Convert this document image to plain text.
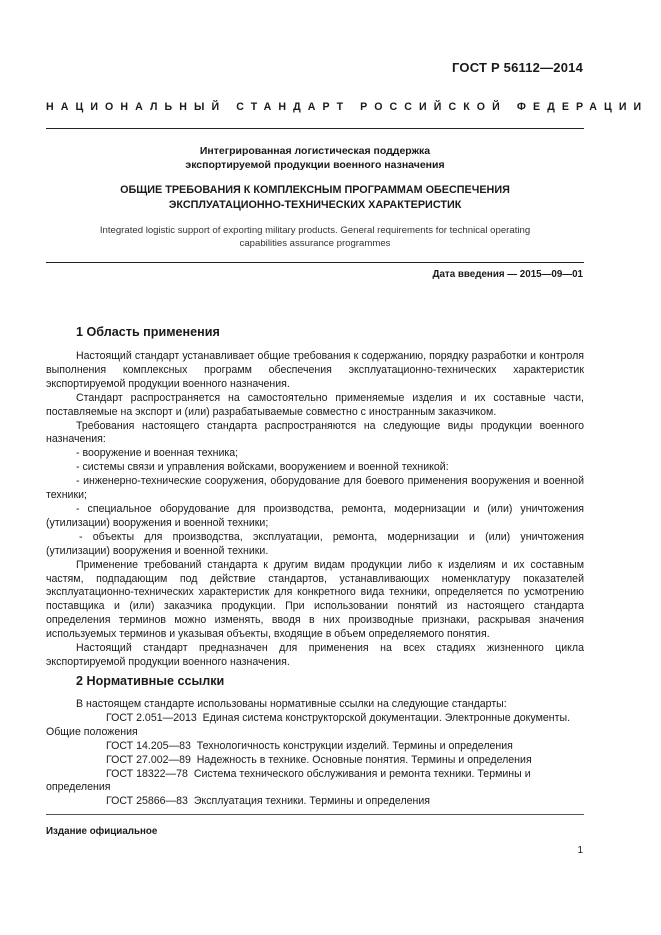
ГОСТ Р 56112—2014
НАЦИОНАЛЬНЫЙ СТАНДАРТ РОССИЙСКОЙ ФЕДЕРАЦИИ
Интегрированная логистическая поддержка
экспортируемой продукции военного назначения
ОБЩИЕ ТРЕБОВАНИЯ К КОМПЛЕКСНЫМ ПРОГРАММАМ ОБЕСПЕЧЕНИЯ
ЭКСПЛУАТАЦИОННО-ТЕХНИЧЕСКИХ ХАРАКТЕРИСТИК
Integrated logistic support of exporting military products. General requirements for technical operating
capabilities assurance programmes
Дата введения — 2015—09—01
1 Область применения

Настоящий стандарт устанавливает общие требования к содержанию, порядку разработки и контроля выполнения комплексных программ обеспечения эксплуатационно-технических характеристик экспортируемой продукции военного назначения.

Стандарт распространяется на самостоятельно применяемые изделия и их составные части, поставляемые на экспорт и (или) разрабатываемые совместно с иностранным заказчиком.

Требования настоящего стандарта распространяются на следующие виды продукции военного назначения:

- вооружение и военная техника;

- системы связи и управления войсками, вооружением и военной техникой:

- инженерно-технические сооружения, оборудование для боевого применения вооружения и военной техники;

- специальное оборудование для производства, ремонта, модернизации и (или) уничтожения (утилизации) вооружения и военной техники;

- объекты для производства, эксплуатации, ремонта, модернизации и (или) уничтожения (утилизации) вооружения и военной техники.

Применение требований стандарта к другим видам продукции либо к изделиям и их составным частям, подпадающим под действие стандартов, устанавливающих номенклатуру показателей эксплуатационно-технических характеристик для конкретного вида техники, определяется по усмотрению поставщика и (или) заказчика продукции. При использовании понятий из настоящего стандарта определения терминов можно изменять, вводя в них производные признаки, раскрывая значения используемых терминов и указывая объекты, входящие в объем определяемого понятия.

Настоящий стандарт предназначен для применения на всех стадиях жизненного цикла экспортируемой продукции военного назначения.

2 Нормативные ссылки

В настоящем стандарте использованы нормативные ссылки на следующие стандарты:

ГОСТ 2.051—2013 Единая система конструкторской документации. Электронные документы. Общие положения

ГОСТ 14.205—83 Технологичность конструкции изделий. Термины и определения

ГОСТ 27.002—89 Надежность в технике. Основные понятия. Термины и определения

ГОСТ 18322—78 Система технического обслуживания и ремонта техники. Термины и определения

ГОСТ 25866—83 Эксплуатация техники. Термины и определения

Издание официальное
1
